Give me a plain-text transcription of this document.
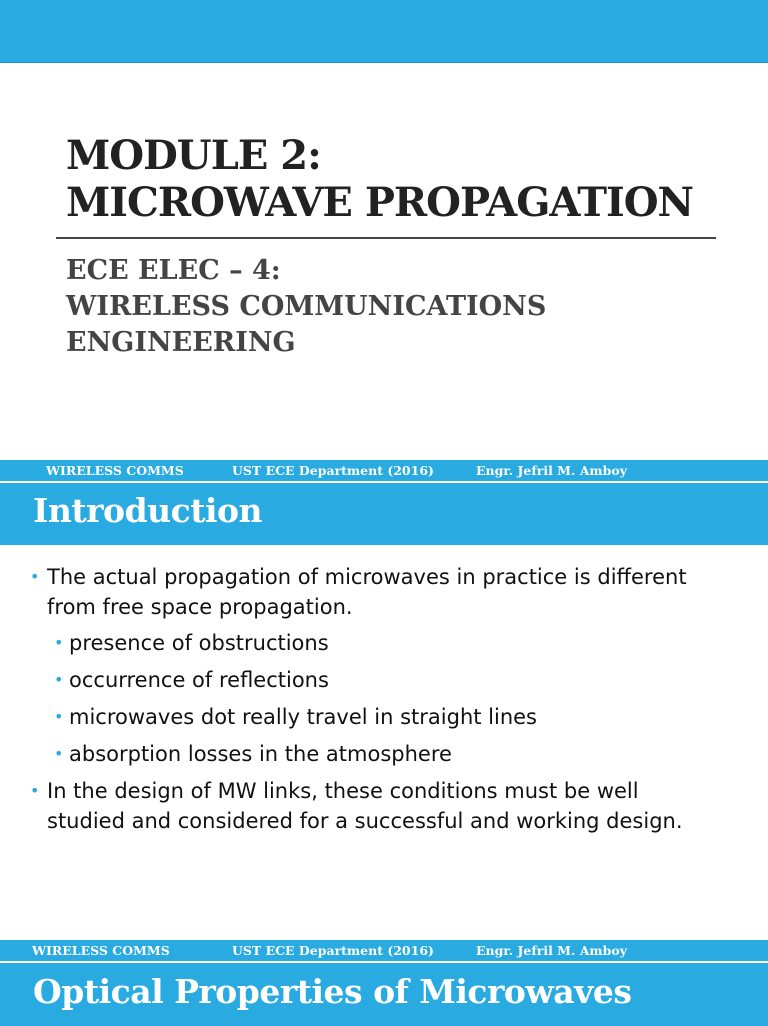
MODULE 2:
MICROWAVE PROPAGATION
ECE ELEC – 4:
WIRELESS COMMUNICATIONS
ENGINEERING
WIRELESS COMMS	UST ECE Department (2016)	Engr. Jefril M. Amboy
Introduction
• The actual propagation of microwaves in practice is different
from free space propagation.
• presence of obstructions
• occurrence of reflections
• microwaves dot really travel in straight lines
• absorption losses in the atmosphere
• In the design of MW links, these conditions must be well
studied and considered for a successful and working design.
WIRELESS COMMS	UST ECE Department (2016)	Engr. Jefril M. Amboy
Optical Properties of Microwaves
